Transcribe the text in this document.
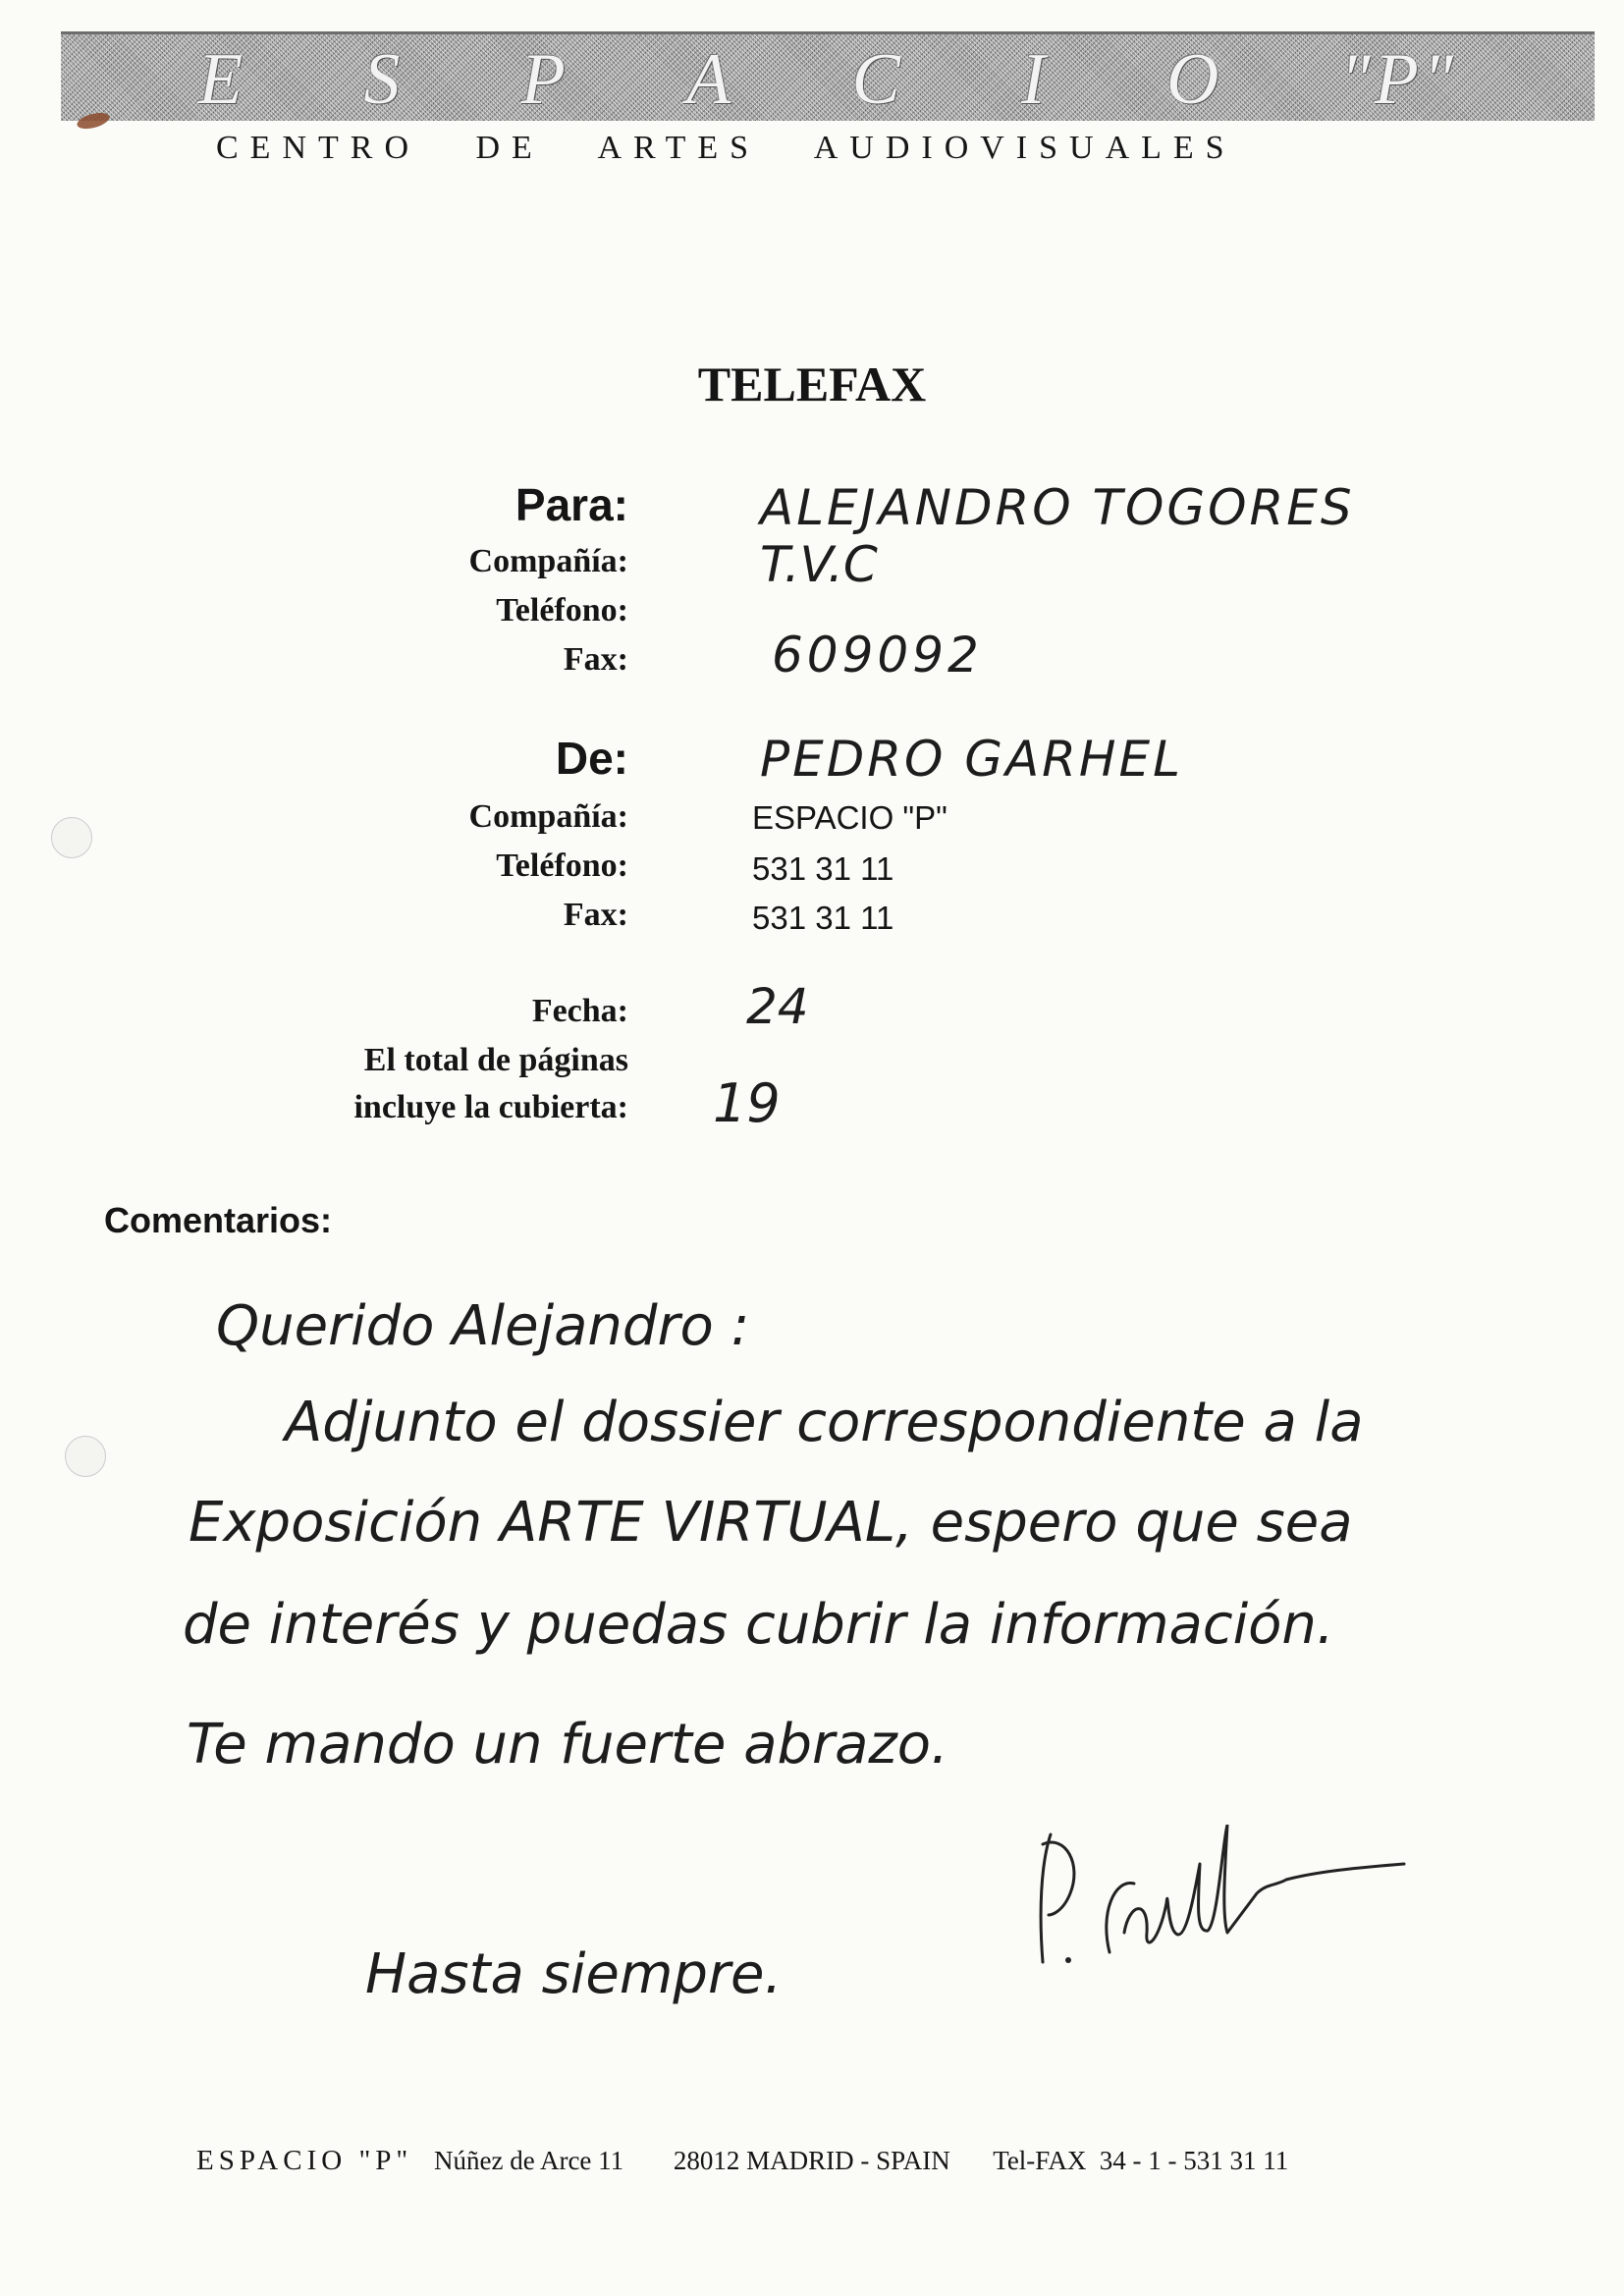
E S P A C I O "P"
CENTRO DE ARTES AUDIOVISUALES
TELEFAX
Para:	ALEJANDRO TOGORES
Compañía:	T.V.C
Teléfono:
Fax:	609092
De:	PEDRO GARHEL
Compañía:	ESPACIO "P"
Teléfono:	531 31 11
Fax:	531 31 11
Fecha: 24
El total de páginas
incluye la cubierta: 19
Comentarios:
Querido Alejandro :
Adjunto el dossier correspondiente a la
Exposición ARTE VIRTUAL, espero que sea
de interés y puedas cubrir la información.
Te mando un fuerte abrazo.
Hasta siempre.
ESPACIO "P" Núñez de Arce 11 28012 MADRID - SPAIN Tel-FAX  34 - 1 - 531 31 11
